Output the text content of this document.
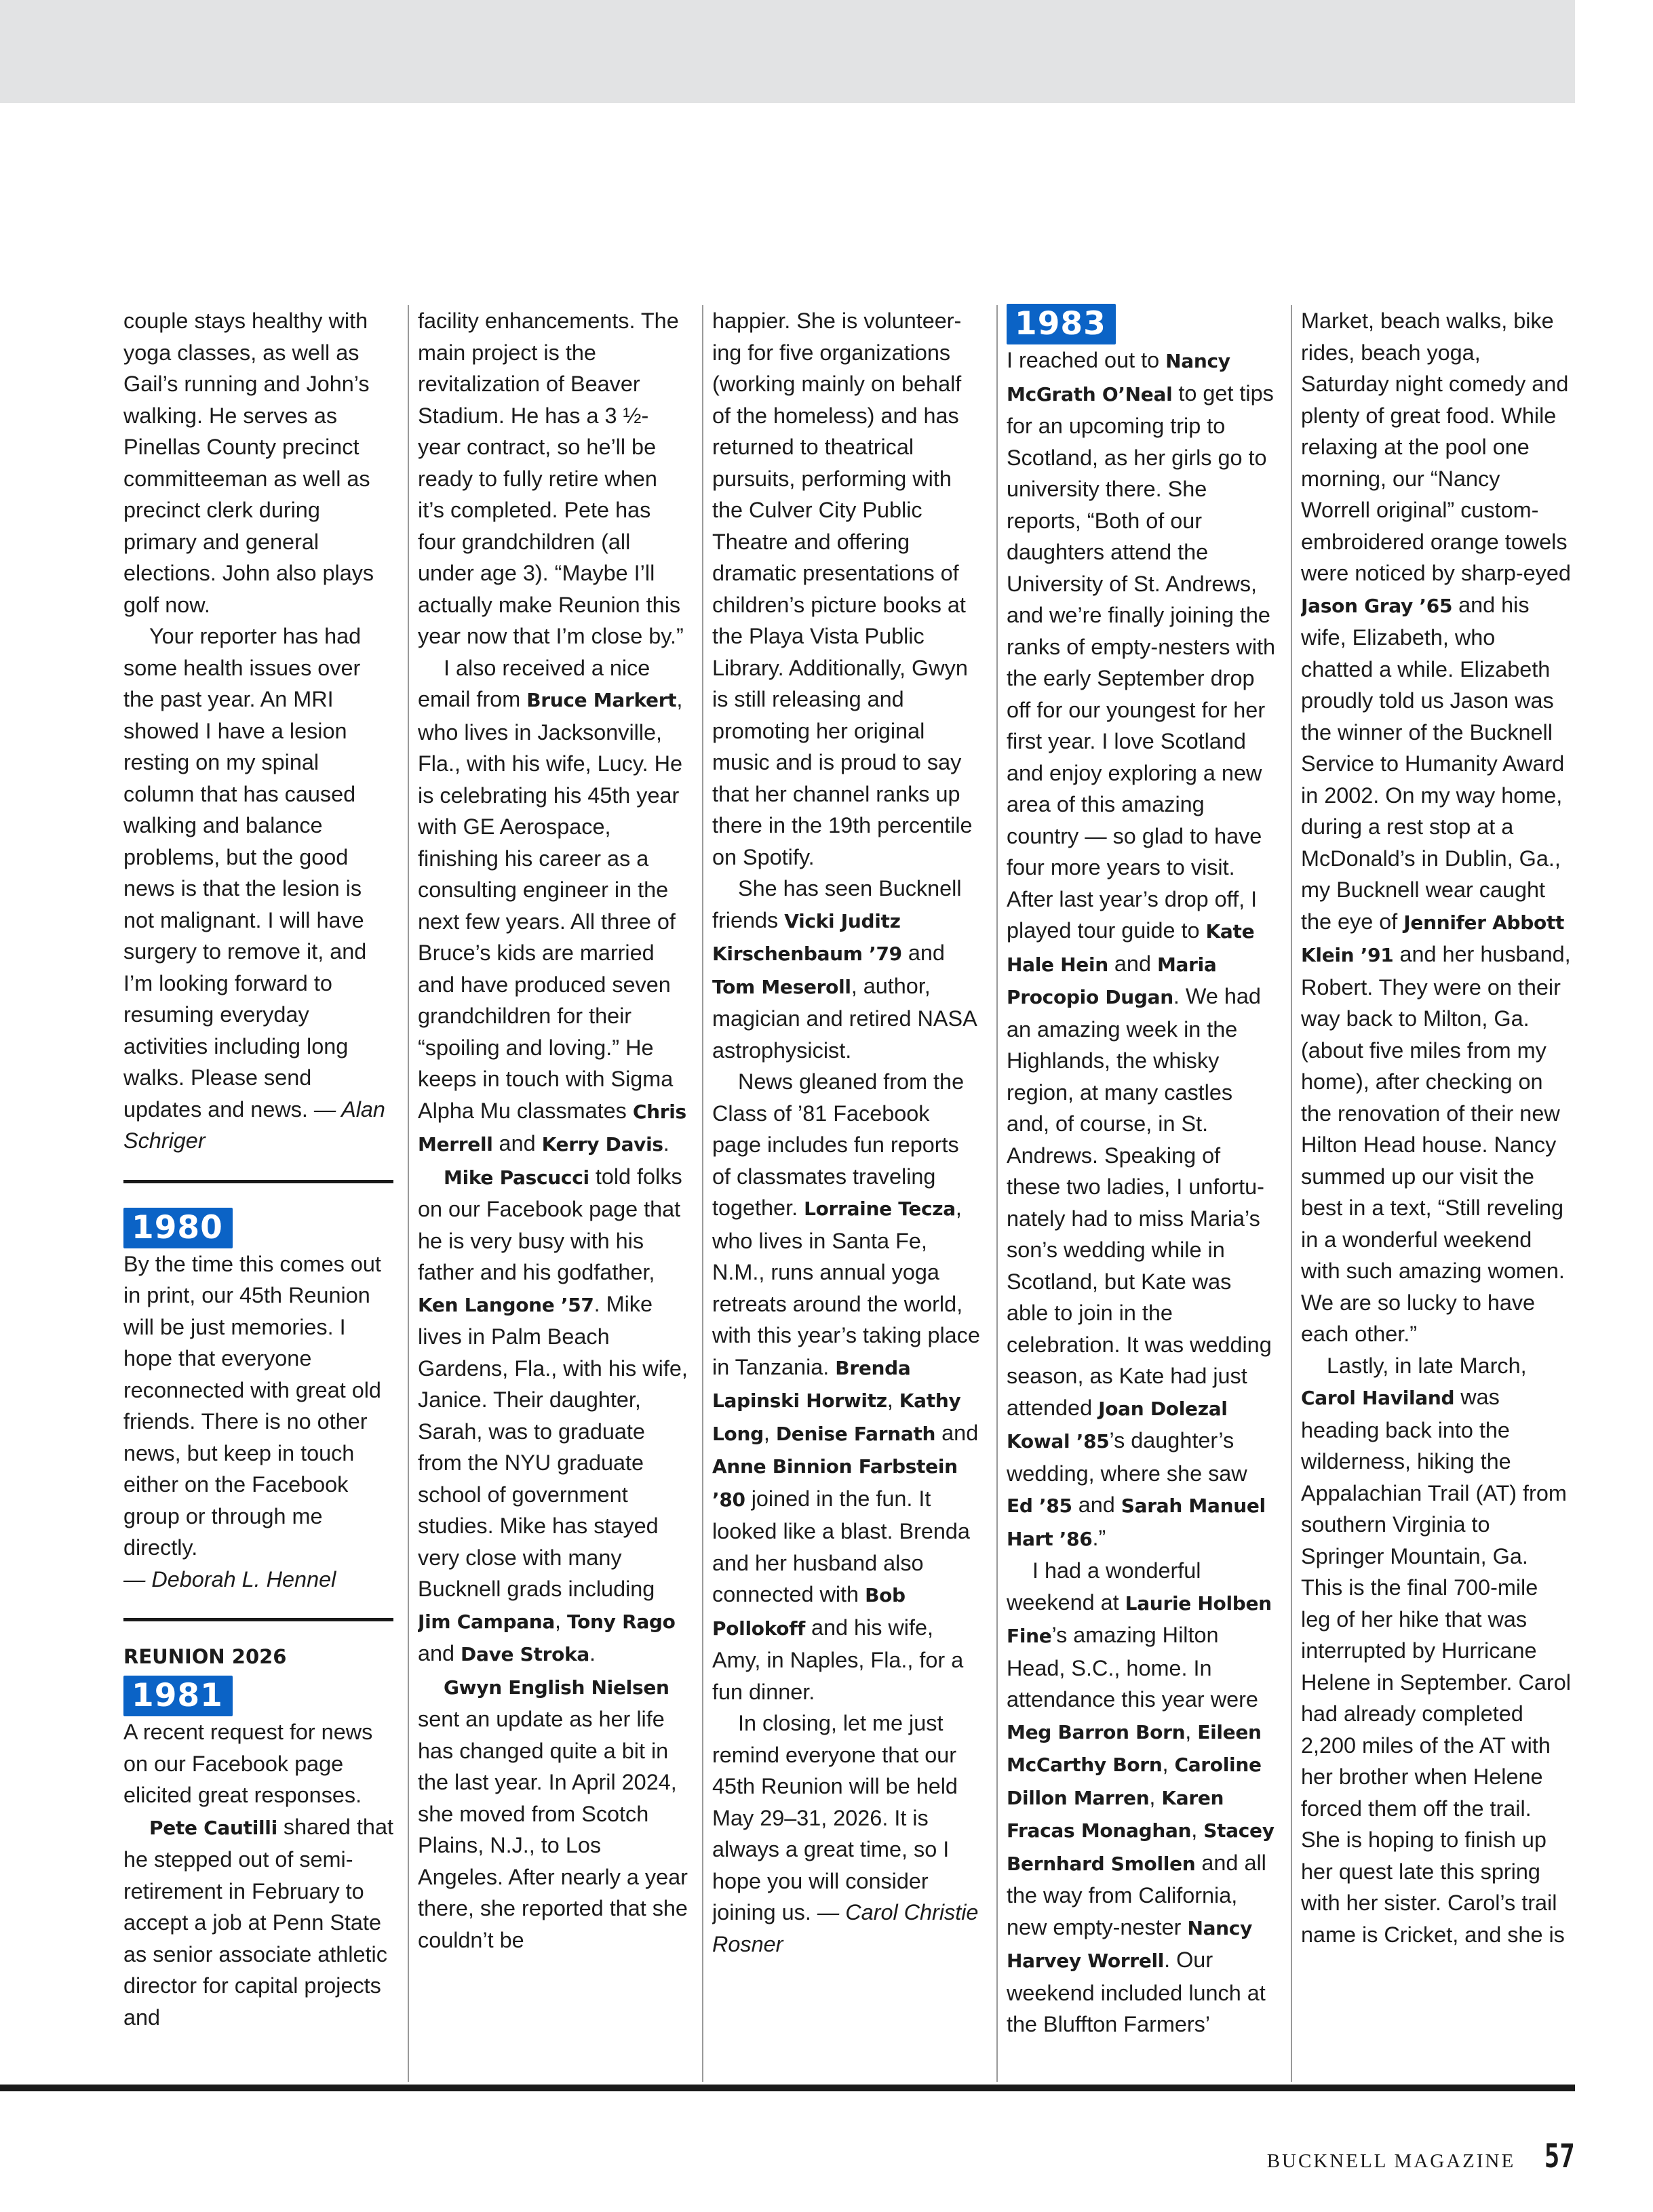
couple stays healthy with yoga classes, as well as Gail’s running and John’s walking. He serves as Pinellas County precinct committeeman as well as precinct clerk during primary and general elections. John also plays golf now.

Your reporter has had some health issues over the past year. An MRI showed I have a lesion resting on my spinal column that has caused walking and balance problems, but the good news is that the lesion is not malignant. I will have surgery to remove it, and I’m looking forward to resuming everyday activities including long walks. Please send updates and news. — Alan Schriger

1980

By the time this comes out in print, our 45th Reunion will be just memories. I hope that everyone reconnected with great old friends. There is no other news, but keep in touch either on the Facebook group or through me directly.

— Deborah L. Hennel

REUNION 2026
1981

A recent request for news on our Facebook page elicited great responses.

Pete Cautilli shared that he stepped out of semi-retirement in February to accept a job at Penn State as senior associate athletic director for capital projects and

facility enhancements. The main project is the revitalization of Beaver Stadium. He has a 3 ½-year contract, so he’ll be ready to fully retire when it’s completed. Pete has four grandchildren (all under age 3). “Maybe I’ll actually make Reunion this year now that I’m close by.”

I also received a nice email from Bruce Markert, who lives in Jacksonville, Fla., with his wife, Lucy. He is celebrating his 45th year with GE Aerospace, finishing his career as a consulting engineer in the next few years. All three of Bruce’s kids are married and have produced seven grandchildren for their “spoiling and loving.” He keeps in touch with Sigma Alpha Mu classmates Chris Merrell and Kerry Davis.

Mike Pascucci told folks on our Facebook page that he is very busy with his father and his godfather, Ken Langone ’57. Mike lives in Palm Beach Gardens, Fla., with his wife, Janice. Their daughter, Sarah, was to graduate from the NYU graduate school of government studies. Mike has stayed very close with many Bucknell grads including Jim Campana, Tony Rago and Dave Stroka.

Gwyn English Nielsen sent an update as her life has changed quite a bit in the last year. In April 2024, she moved from Scotch Plains, N.J., to Los Angeles. After nearly a year there, she reported that she couldn’t be

happier. She is volunteering for five organizations (working mainly on behalf of the homeless) and has returned to theatrical pursuits, performing with the Culver City Public Theatre and offering dramatic presentations of children’s picture books at the Playa Vista Public Library. Additionally, Gwyn is still releasing and promoting her original music and is proud to say that her channel ranks up there in the 19th percentile on Spotify.

She has seen Bucknell friends Vicki Juditz Kirschenbaum ’79 and Tom Meseroll, author, magician and retired NASA astrophysicist.

News gleaned from the Class of ’81 Facebook page includes fun reports of classmates traveling together. Lorraine Tecza, who lives in Santa Fe, N.M., runs annual yoga retreats around the world, with this year’s taking place in Tanzania. Brenda Lapinski Horwitz, Kathy Long, Denise Farnath and Anne Binnion Farbstein ’80 joined in the fun. It looked like a blast. Brenda and her husband also connected with Bob Pollokoff and his wife, Amy, in Naples, Fla., for a fun dinner.

In closing, let me just remind everyone that our 45th Reunion will be held May 29–31, 2026. It is always a great time, so I hope you will consider joining us. — Carol Christie Rosner

1983

I reached out to Nancy McGrath O’Neal to get tips for an upcoming trip to Scotland, as her girls go to university there. She reports, “Both of our daughters attend the University of St. Andrews, and we’re finally joining the ranks of empty-nesters with the early September drop off for our youngest for her first year. I love Scotland and enjoy exploring a new area of this amazing country — so glad to have four more years to visit. After last year’s drop off, I played tour guide to Kate Hale Hein and Maria Procopio Dugan. We had an amazing week in the Highlands, the whisky region, at many castles and, of course, in St. Andrews. Speaking of these two ladies, I unfortunately had to miss Maria’s son’s wedding while in Scotland, but Kate was able to join in the celebration. It was wedding season, as Kate had just attended Joan Dolezal Kowal ’85’s daughter’s wedding, where she saw Ed ’85 and Sarah Manuel Hart ’86.”

I had a wonderful weekend at Laurie Holben Fine’s amazing Hilton Head, S.C., home. In attendance this year were Meg Barron Born, Eileen McCarthy Born, Caroline Dillon Marren, Karen Fracas Monaghan, Stacey Bernhard Smollen and all the way from California, new empty-nester Nancy Harvey Worrell. Our weekend included lunch at the Bluffton Farmers’

Market, beach walks, bike rides, beach yoga, Saturday night comedy and plenty of great food. While relaxing at the pool one morning, our “Nancy Worrell original” custom-embroidered orange towels were noticed by sharp-eyed Jason Gray ’65 and his wife, Elizabeth, who chatted a while. Elizabeth proudly told us Jason was the winner of the Bucknell Service to Humanity Award in 2002. On my way home, during a rest stop at a McDonald’s in Dublin, Ga., my Bucknell wear caught the eye of Jennifer Abbott Klein ’91 and her husband, Robert. They were on their way back to Milton, Ga. (about five miles from my home), after checking on the renovation of their new Hilton Head house. Nancy summed up our visit the best in a text, “Still reveling in a wonderful weekend with such amazing women. We are so lucky to have each other.”

Lastly, in late March, Carol Haviland was heading back into the wilderness, hiking the Appalachian Trail (AT) from southern Virginia to Springer Mountain, Ga. This is the final 700-mile leg of her hike that was interrupted by Hurricane Helene in September. Carol had already completed 2,200 miles of the AT with her brother when Helene forced them off the trail. She is hoping to finish up her quest late this spring with her sister. Carol’s trail name is Cricket, and she is

BUCKNELL MAGAZINE 57
